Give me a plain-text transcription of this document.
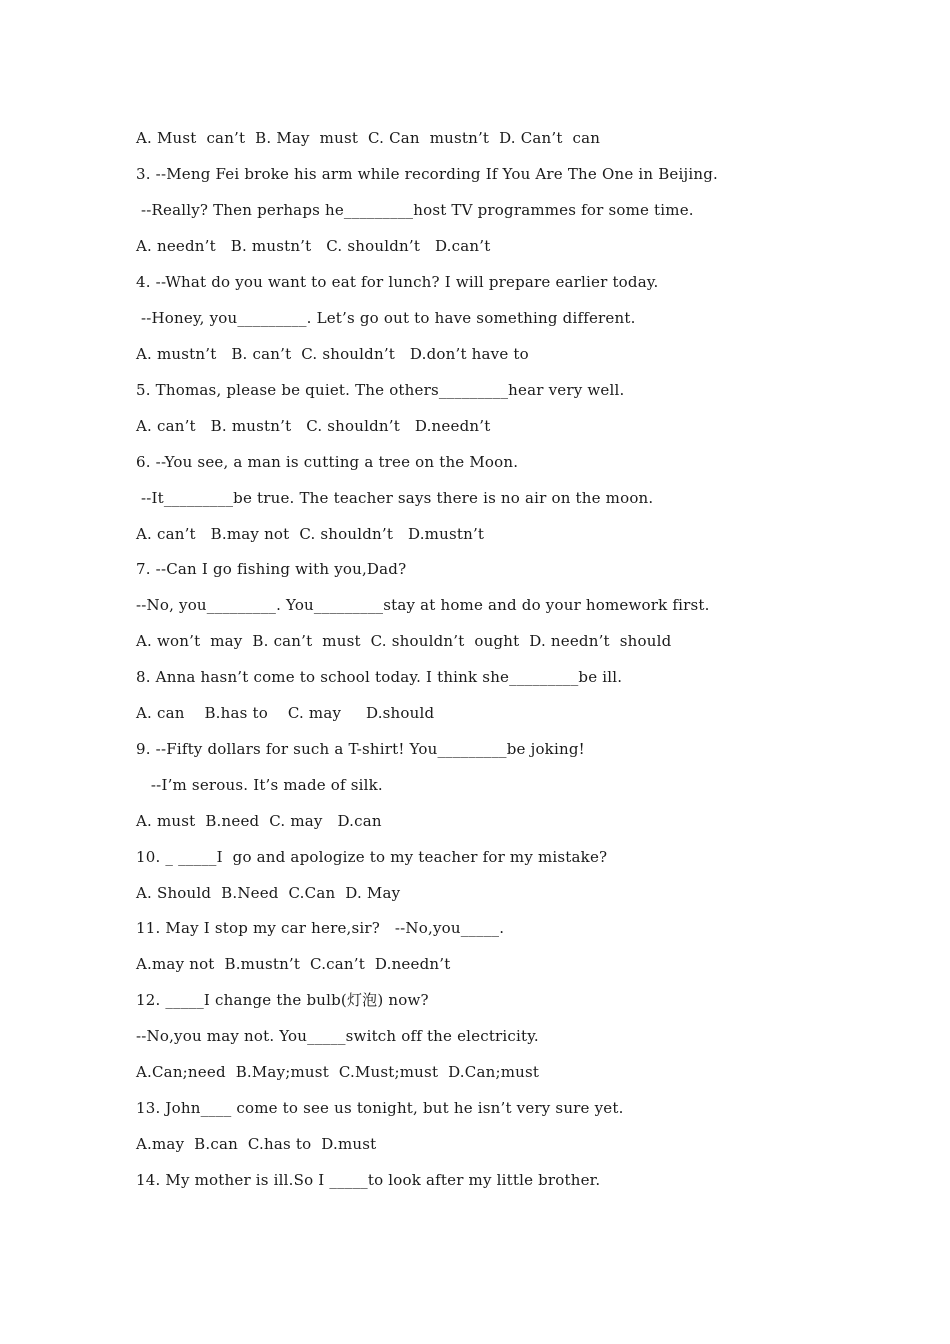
A. Must  can’t  B. May  must  C. Can  mustn’t  D. Can’t  can
3. --Meng Fei broke his arm while recording If You Are The One in Beijing.
--Really? Then perhaps he_________host TV programmes for some time.
A. needn’t   B. mustn’t   C. shouldn’t   D.can’t
4. --What do you want to eat for lunch? I will prepare earlier today.
--Honey, you_________. Let’s go out to have something different.
A. mustn’t   B. can’t  C. shouldn’t   D.don’t have to
5. Thomas, please be quiet. The others_________hear very well.
A. can’t   B. mustn’t   C. shouldn’t   D.needn’t
6. --You see, a man is cutting a tree on the Moon.
--It_________be true. The teacher says there is no air on the moon.
A. can’t   B.may not  C. shouldn’t   D.mustn’t
7. --Can I go fishing with you,Dad?
--No, you_________. You_________stay at home and do your homework first.
A. won’t  may  B. can’t  must  C. shouldn’t  ought  D. needn’t  should
8. Anna hasn’t come to school today. I think she_________be ill.
A. can    B.has to    C. may     D.should
9. --Fifty dollars for such a T-shirt! You_________be joking!
--I’m serous. It’s made of silk.
A. must  B.need  C. may   D.can
10. _ _____I  go and apologize to my teacher for my mistake?
A. Should  B.Need  C.Can  D. May
11. May I stop my car here,sir?   --No,you_____.
A.may not  B.mustn’t  C.can’t  D.needn’t
12. _____I change the bulb(灯泡) now?
--No,you may not. You_____switch off the electricity.
A.Can;need  B.May;must  C.Must;must  D.Can;must
13. John____ come to see us tonight, but he isn’t very sure yet.
A.may  B.can  C.has to  D.must
14. My mother is ill.So I _____to look after my little brother.
